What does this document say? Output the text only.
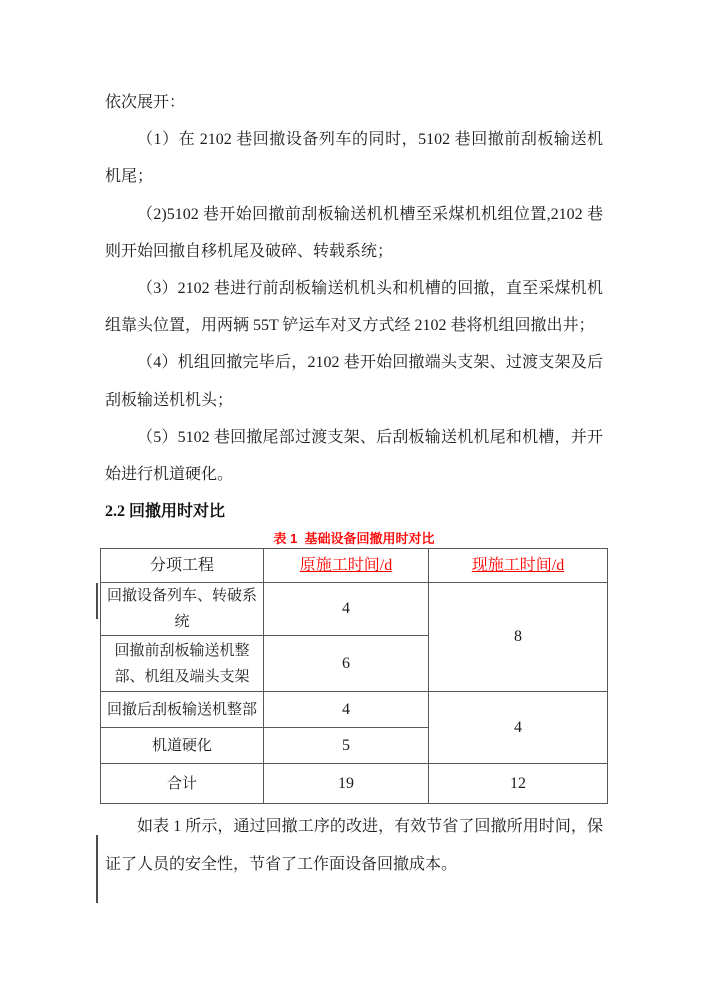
依次展开：

（1）在 2102 巷回撤设备列车的同时，5102 巷回撤前刮板输送机机尾；

（2)5102 巷开始回撤前刮板输送机机槽至采煤机机组位置,2102 巷则开始回撤自移机尾及破碎、转载系统；

（3）2102 巷进行前刮板输送机机头和机槽的回撤，直至采煤机机组靠头位置，用两辆 55T 铲运车对叉方式经 2102 巷将机组回撤出井；

（4）机组回撤完毕后，2102 巷开始回撤端头支架、过渡支架及后刮板输送机机头；

（5）5102 巷回撤尾部过渡支架、后刮板输送机机尾和机槽，并开始进行机道硬化。

2.2 回撤用时对比

表 1  基础设备回撤用时对比

分项工程	原施工时间/d	现施工时间/d
回撤设备列车、转破系统	4	8
回撤前刮板输送机整部、机组及端头支架	6	
回撤后刮板输送机整部	4	4
机道硬化	5	
合计	19	12

如表 1 所示，通过回撤工序的改进，有效节省了回撤所用时间，保证了人员的安全性，节省了工作面设备回撤成本。
